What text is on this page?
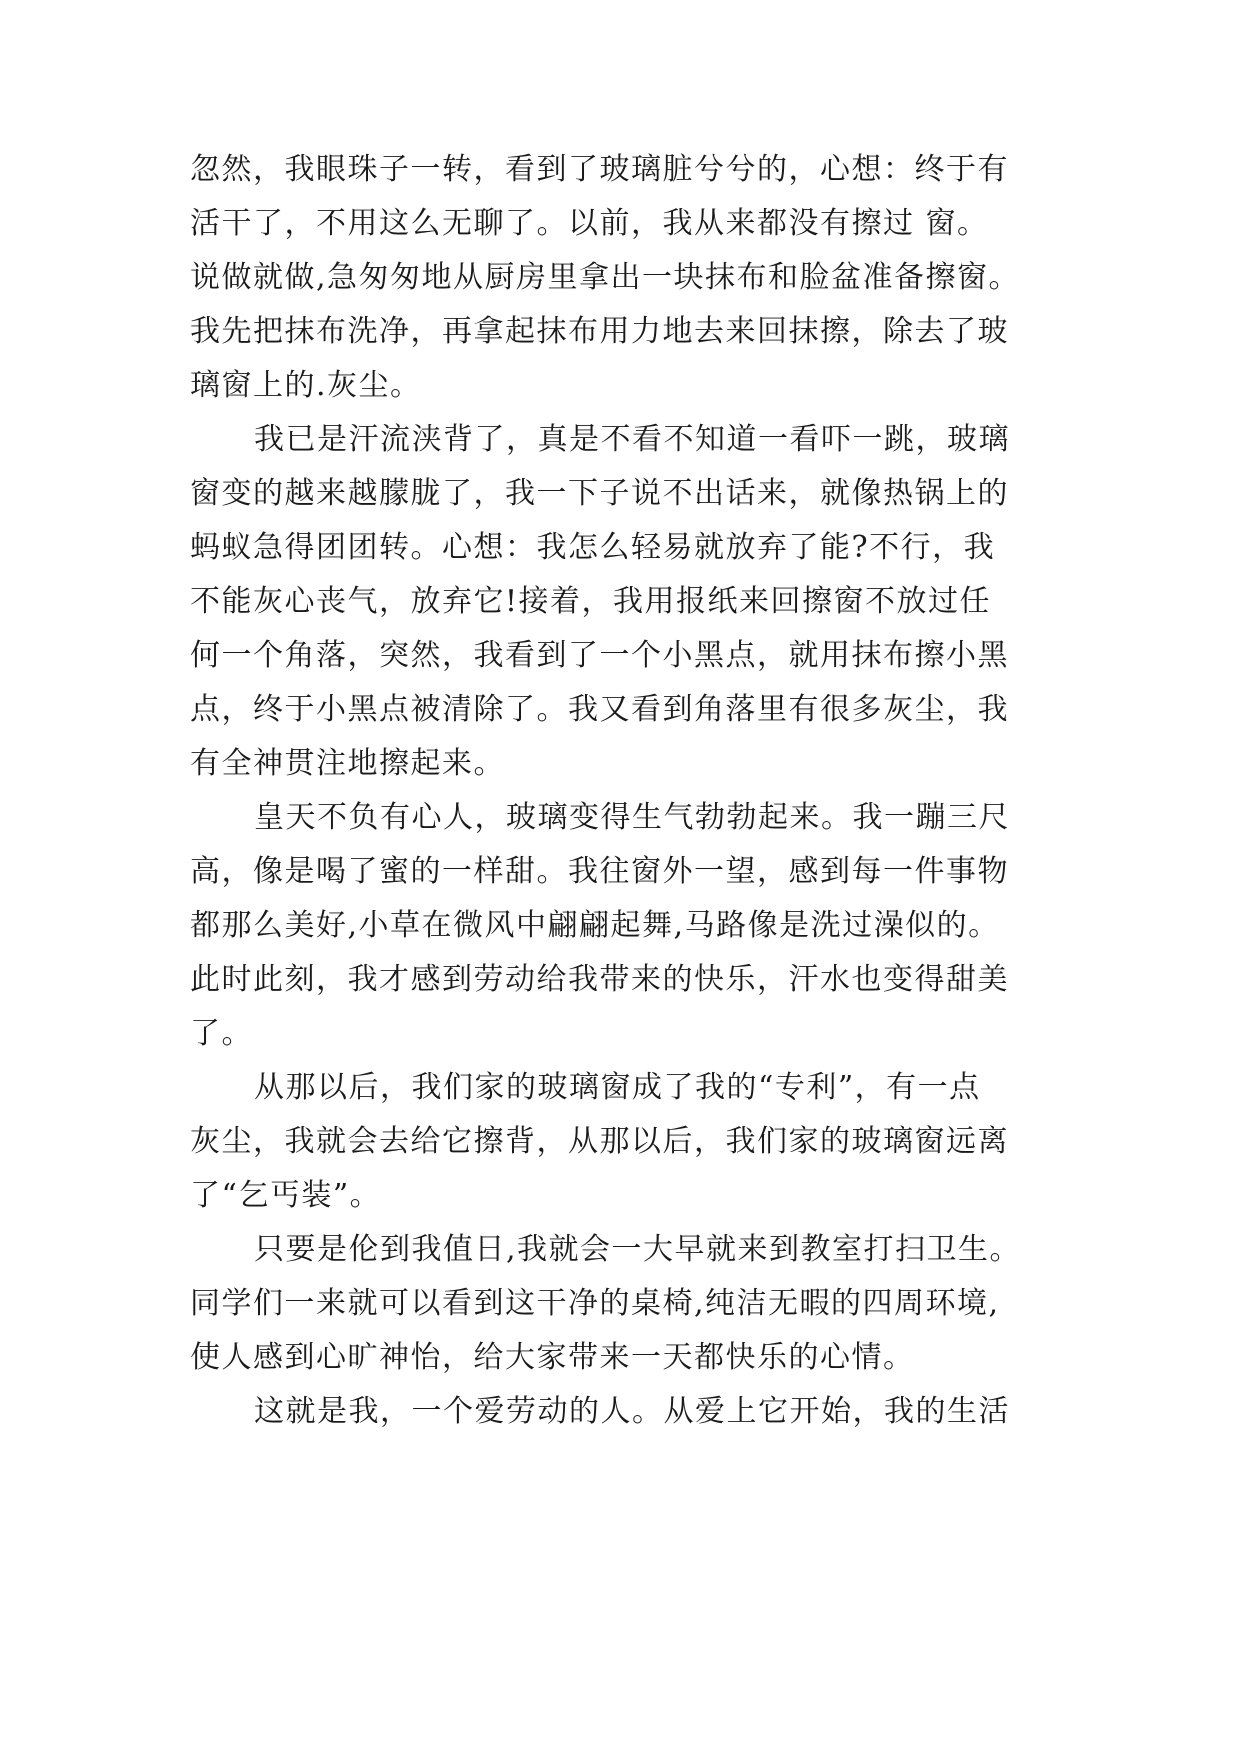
忽然，我眼珠子一转，看到了玻璃脏兮兮的，心想：终于有
活干了，不用这么无聊了。以前，我从来都没有擦过 窗。
说做就做,急匆匆地从厨房里拿出一块抹布和脸盆准备擦窗。
我先把抹布洗净，再拿起抹布用力地去来回抹擦，除去了玻
璃窗上的.灰尘。
我已是汗流浃背了，真是不看不知道一看吓一跳，玻璃
窗变的越来越朦胧了，我一下子说不出话来，就像热锅上的
蚂蚁急得团团转。心想：我怎么轻易就放弃了能?不行，我
不能灰心丧气，放弃它!接着，我用报纸来回擦窗不放过任
何一个角落，突然，我看到了一个小黑点，就用抹布擦小黑
点，终于小黑点被清除了。我又看到角落里有很多灰尘，我
有全神贯注地擦起来。
皇天不负有心人，玻璃变得生气勃勃起来。我一蹦三尺
高，像是喝了蜜的一样甜。我往窗外一望，感到每一件事物
都那么美好,小草在微风中翩翩起舞,马路像是洗过澡似的。
此时此刻，我才感到劳动给我带来的快乐，汗水也变得甜美
了。
从那以后，我们家的玻璃窗成了我的“专利”，有一点
灰尘，我就会去给它擦背，从那以后，我们家的玻璃窗远离
了“乞丐装”。
只要是伦到我值日,我就会一大早就来到教室打扫卫生。
同学们一来就可以看到这干净的桌椅,纯洁无暇的四周环境,
使人感到心旷神怡，给大家带来一天都快乐的心情。
这就是我，一个爱劳动的人。从爱上它开始，我的生活
